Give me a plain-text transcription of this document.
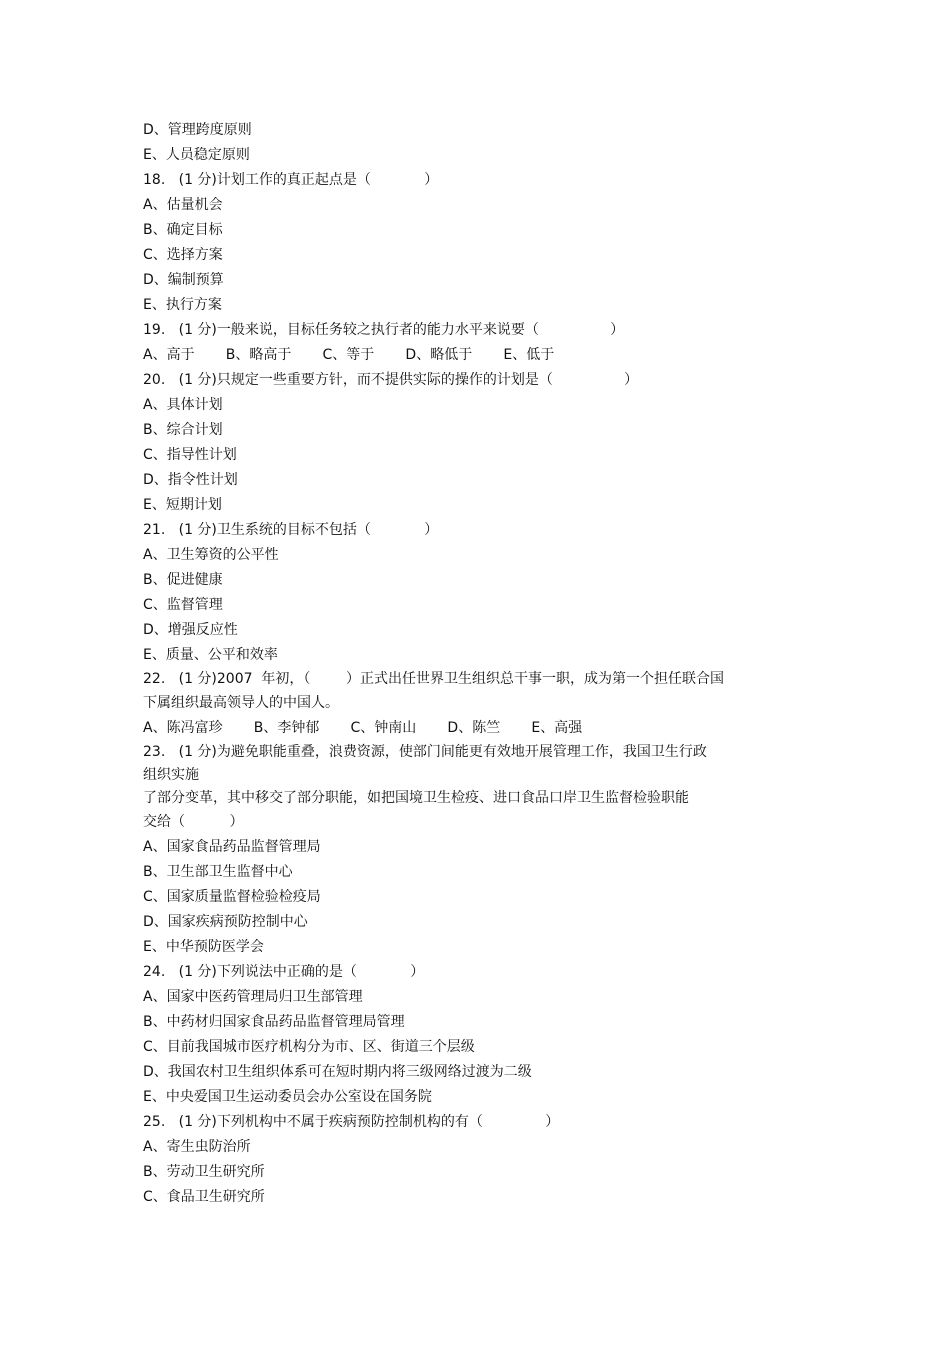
D、管理跨度原则
E、人员稳定原则
18.   (1 分)计划工作的真正起点是（            ）
A、估量机会
B、确定目标
C、选择方案
D、编制预算
E、执行方案
19.   (1 分)一般来说，目标任务较之执行者的能力水平来说要（                ）
A、高于       B、略高于       C、等于       D、略低于       E、低于
20.   (1 分)只规定一些重要方针，而不提供实际的操作的计划是（                ）
A、具体计划
B、综合计划
C、指导性计划
D、指令性计划
E、短期计划
21.   (1 分)卫生系统的目标不包括（            ）
A、卫生筹资的公平性
B、促进健康
C、监督管理
D、增强反应性
E、质量、公平和效率
22.   (1 分)2007  年初，（        ）正式出任世界卫生组织总干事一职，成为第一个担任联合国
下属组织最高领导人的中国人。
A、陈冯富珍       B、李钟郁       C、钟南山       D、陈竺       E、高强
23.   (1 分)为避免职能重叠，浪费资源，使部门间能更有效地开展管理工作，我国卫生行政
组织实施
了部分变革，其中移交了部分职能，如把国境卫生检疫、进口食品口岸卫生监督检验职能
交给（          ）
A、国家食品药品监督管理局
B、卫生部卫生监督中心
C、国家质量监督检验检疫局
D、国家疾病预防控制中心
E、中华预防医学会
24.   (1 分)下列说法中正确的是（            ）
A、国家中医药管理局归卫生部管理
B、中药材归国家食品药品监督管理局管理
C、目前我国城市医疗机构分为市、区、街道三个层级
D、我国农村卫生组织体系可在短时期内将三级网络过渡为二级
E、中央爱国卫生运动委员会办公室设在国务院
25.   (1 分)下列机构中不属于疾病预防控制机构的有（              ）
A、寄生虫防治所
B、劳动卫生研究所
C、食品卫生研究所
